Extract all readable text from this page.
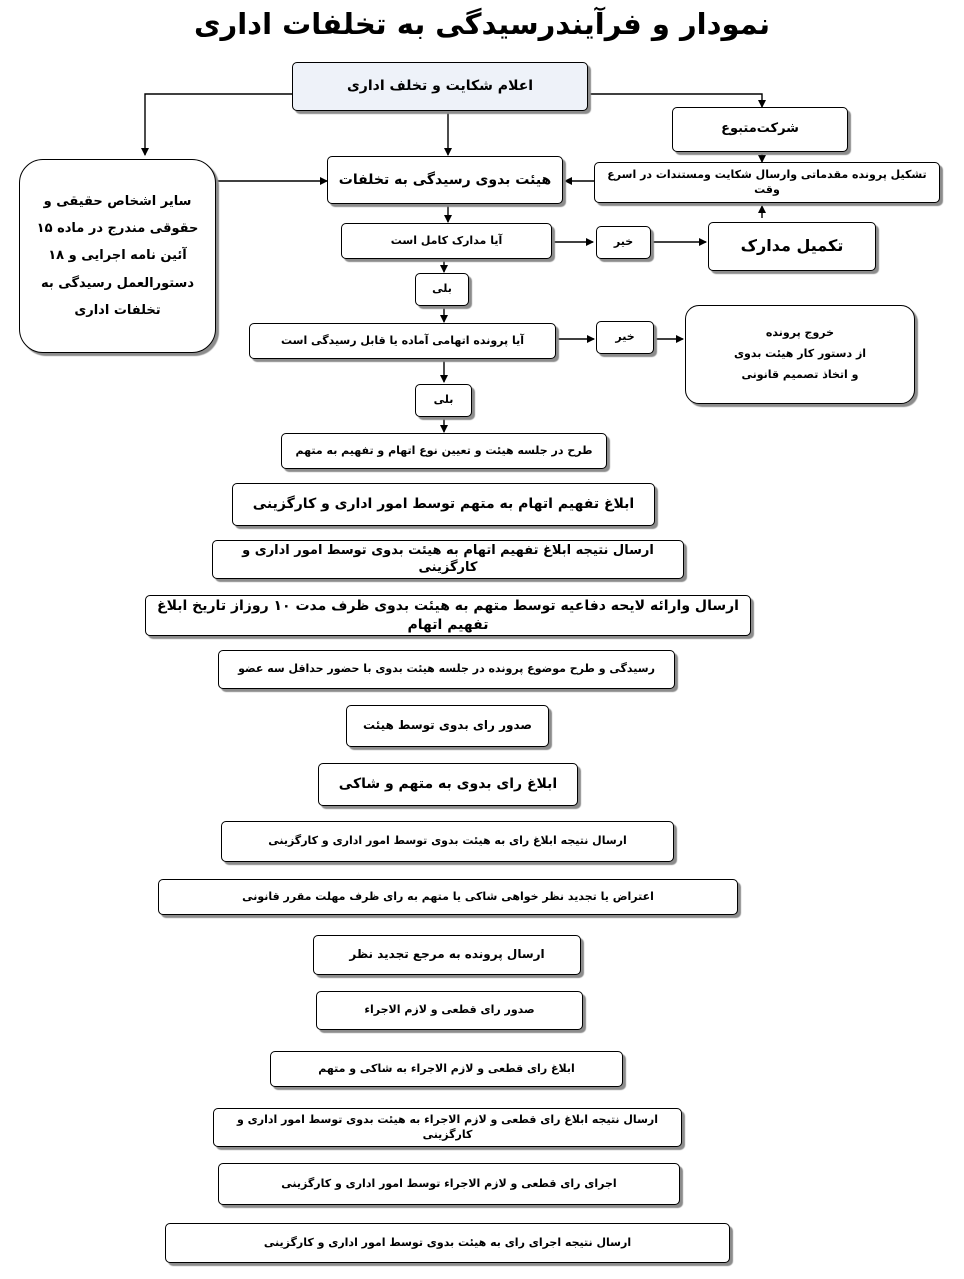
نمودار و فرآیندرسیدگی به تخلفات اداری
اعلام شکایت و تخلف اداری
شرکت‌متبوع
هیئت بدوی رسیدگی به تخلفات	تشکیل پرونده مقدماتی وارسال شکایت ومستندات در اسرع وقت
سایر اشخاص حقیقی و
حقوقی مندرج در ماده ۱۵
آئین نامه اجرایی و ۱۸
دستورالعمل رسیدگی به
تخلفات اداری
آیا مدارک کامل است	خیر	تکمیل مدارک
بلی
آیا پرونده اتهامی آماده یا قابل رسیدگی است	خیر	خروج پرونده
از دستور کار هیئت بدوی
و اتخاذ تصمیم قانونی
بلی
طرح در جلسه هیئت و تعیین نوع اتهام و تفهیم به متهم
ابلاغ تفهیم اتهام به متهم توسط امور اداری و کارگزینی
ارسال نتیجه ابلاغ تفهیم اتهام به هیئت بدوی توسط امور اداری و کارگزینی
ارسال وارائه لایحه دفاعیه توسط متهم به هیئت بدوی ظرف مدت ۱۰ روزاز تاریخ ابلاغ تفهیم اتهام
رسیدگی و طرح موضوع پرونده در جلسه هیئت بدوی با حضور حداقل سه عضو
صدور رای بدوی توسط هیئت
ابلاغ رای بدوی به متهم و شاکی
ارسال نتیجه ابلاغ رای به هیئت بدوی توسط امور اداری و کارگزینی
اعتراض یا تجدید نظر خواهی شاکی یا متهم به رای ظرف مهلت مقرر قانونی
ارسال پرونده به مرجع تجدید نظر
صدور رای قطعی و لازم الاجراء
ابلاغ رای قطعی و لازم الاجراء به شاکی و متهم
ارسال نتیجه ابلاغ رای قطعی و لازم الاجراء به هیئت بدوی توسط امور اداری و کارگزینی
اجرای رای قطعی و لازم الاجراء توسط امور اداری و کارگزینی
ارسال نتیجه اجرای رای به هیئت بدوی توسط امور اداری و کارگزینی
